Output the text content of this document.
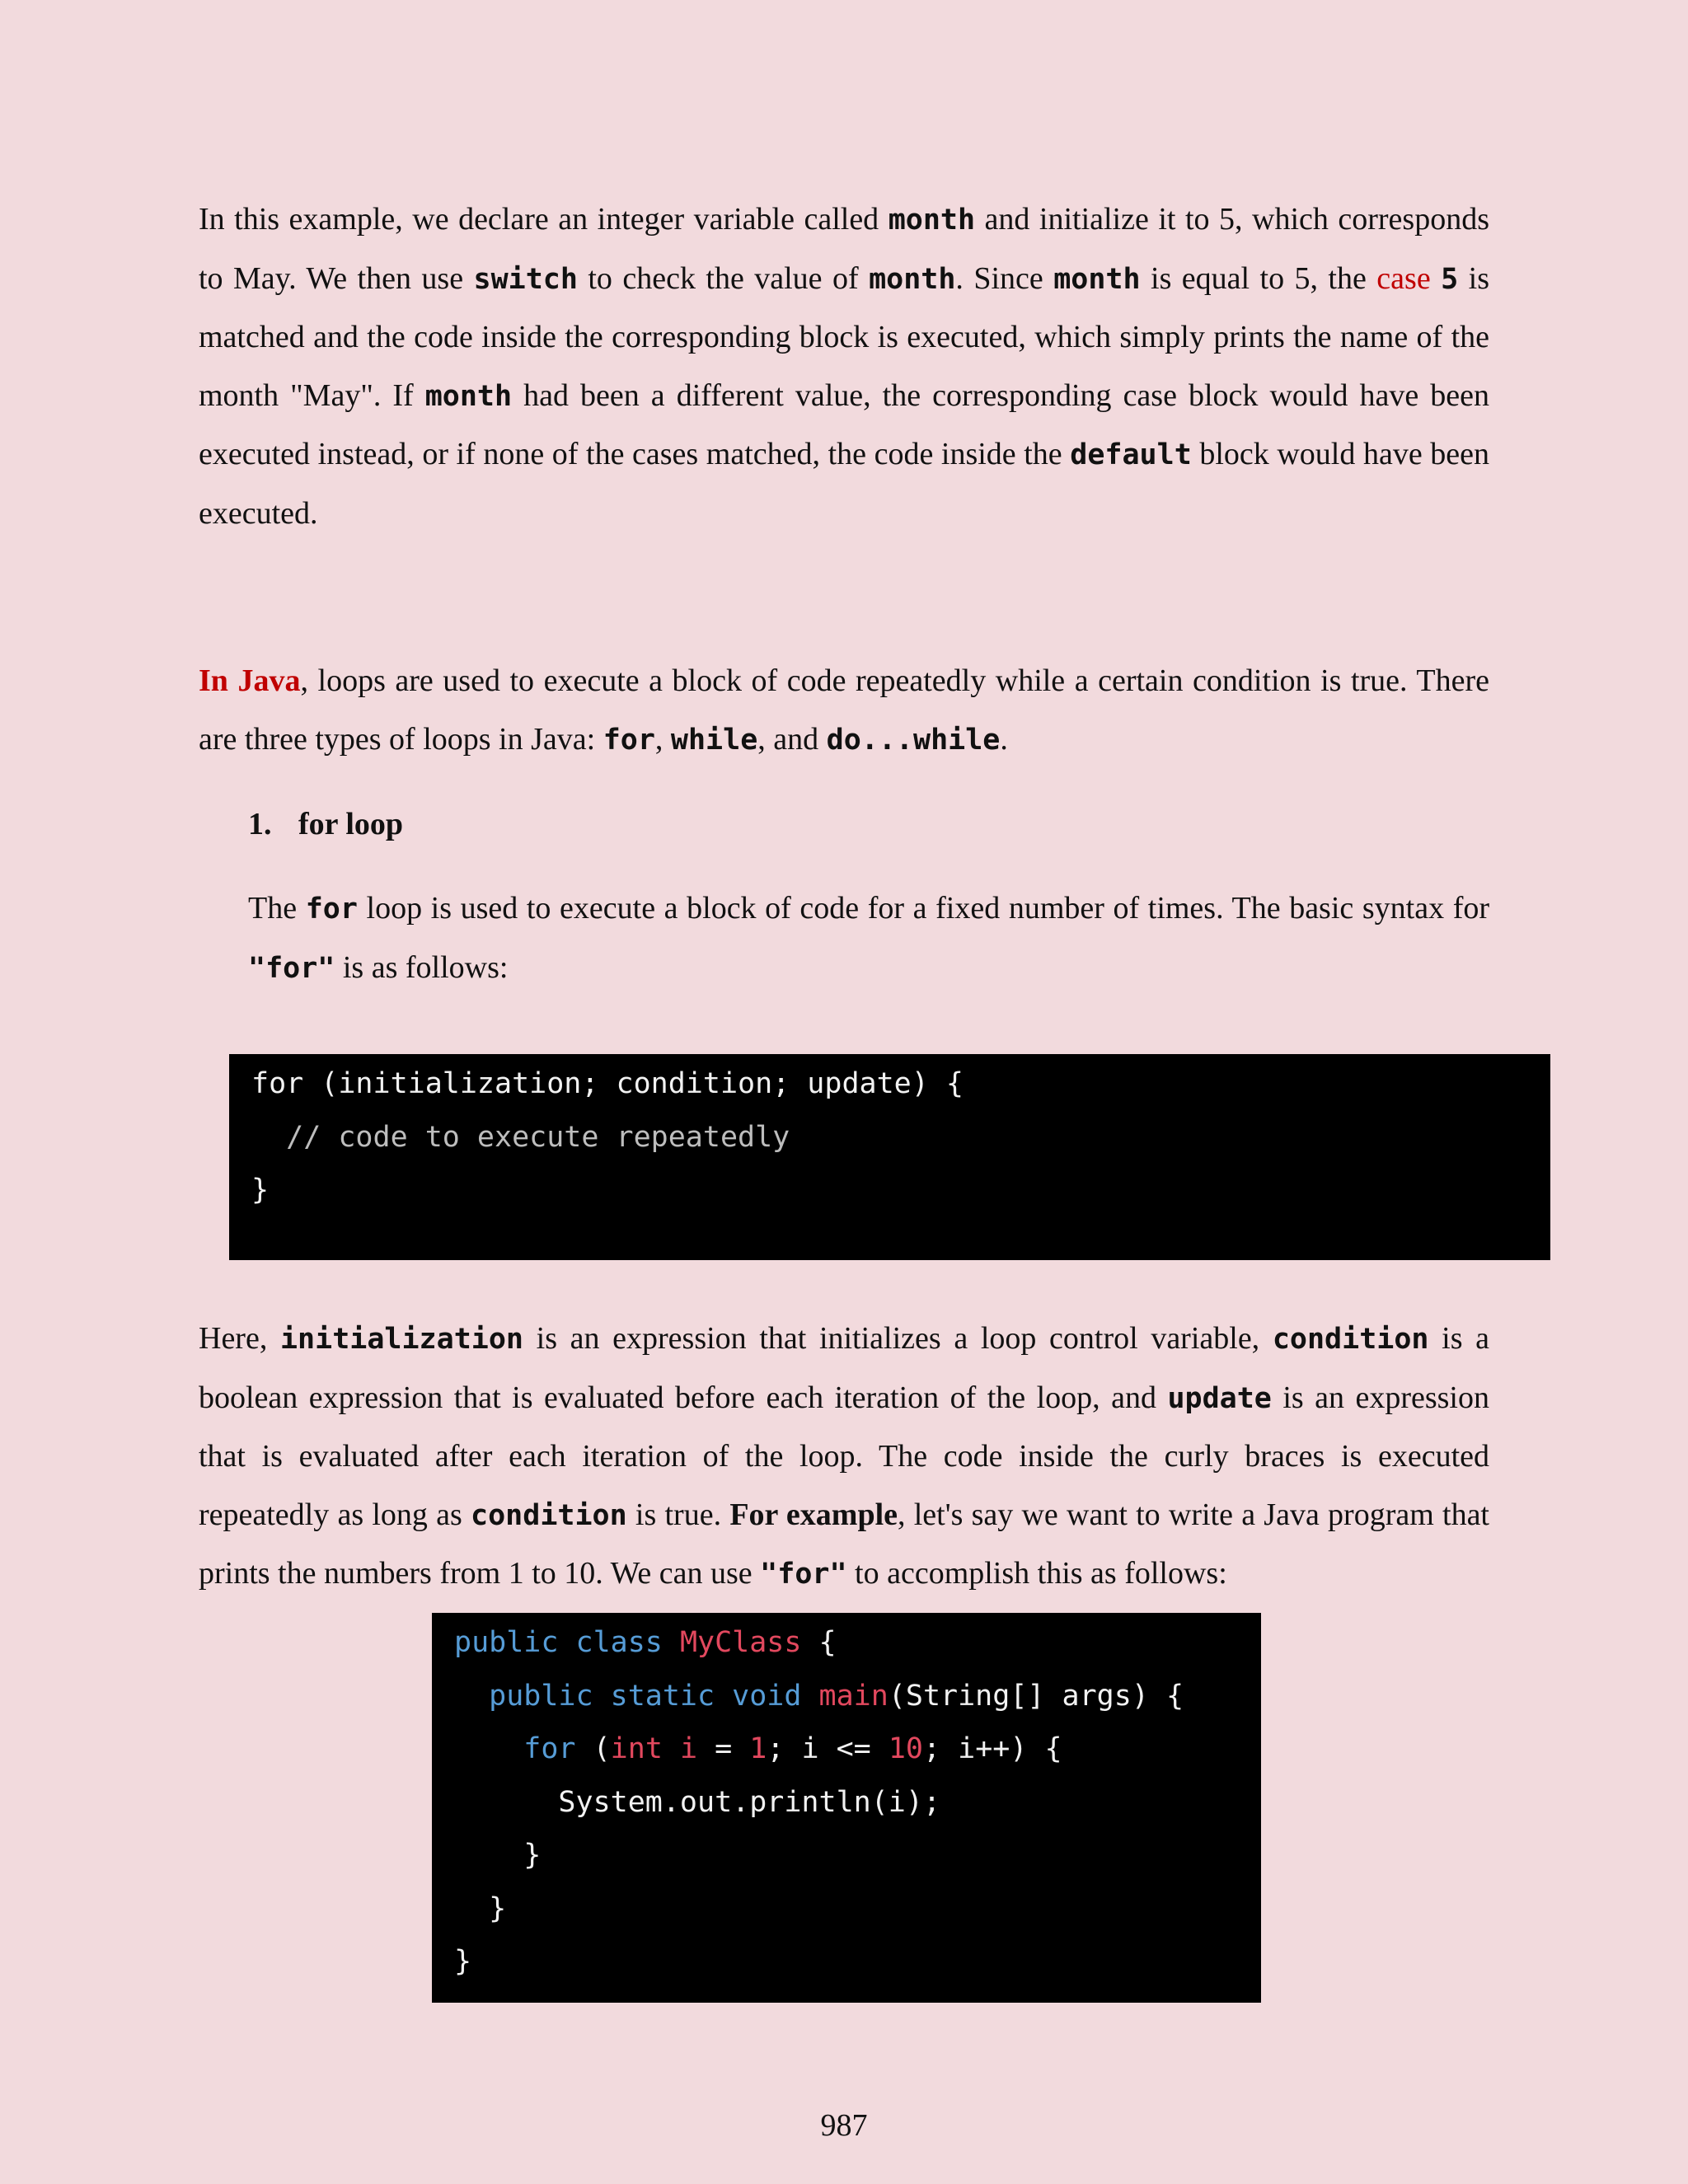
In this example, we declare an integer variable called month and initialize it to 5, which corresponds to May. We then use switch to check the value of month. Since month is equal to 5, the case 5 is matched and the code inside the corresponding block is executed, which simply prints the name of the month "May". If month had been a different value, the corresponding case block would have been executed instead, or if none of the cases matched, the code inside the default block would have been executed.

In Java, loops are used to execute a block of code repeatedly while a certain condition is true. There are three types of loops in Java: for, while, and do...while.

1. for loop

The for loop is used to execute a block of code for a fixed number of times. The basic syntax for "for" is as follows:

for (initialization; condition; update) {
// code to execute repeatedly
}

Here, initialization is an expression that initializes a loop control variable, condition is a boolean expression that is evaluated before each iteration of the loop, and update is an expression that is evaluated after each iteration of the loop. The code inside the curly braces is executed repeatedly as long as condition is true. For example, let's say we want to write a Java program that prints the numbers from 1 to 10. We can use "for" to accomplish this as follows:

public class MyClass {
public static void main(String[] args) {
for (int i = 1; i <= 10; i++) {
System.out.println(i);
}
}
}

987
